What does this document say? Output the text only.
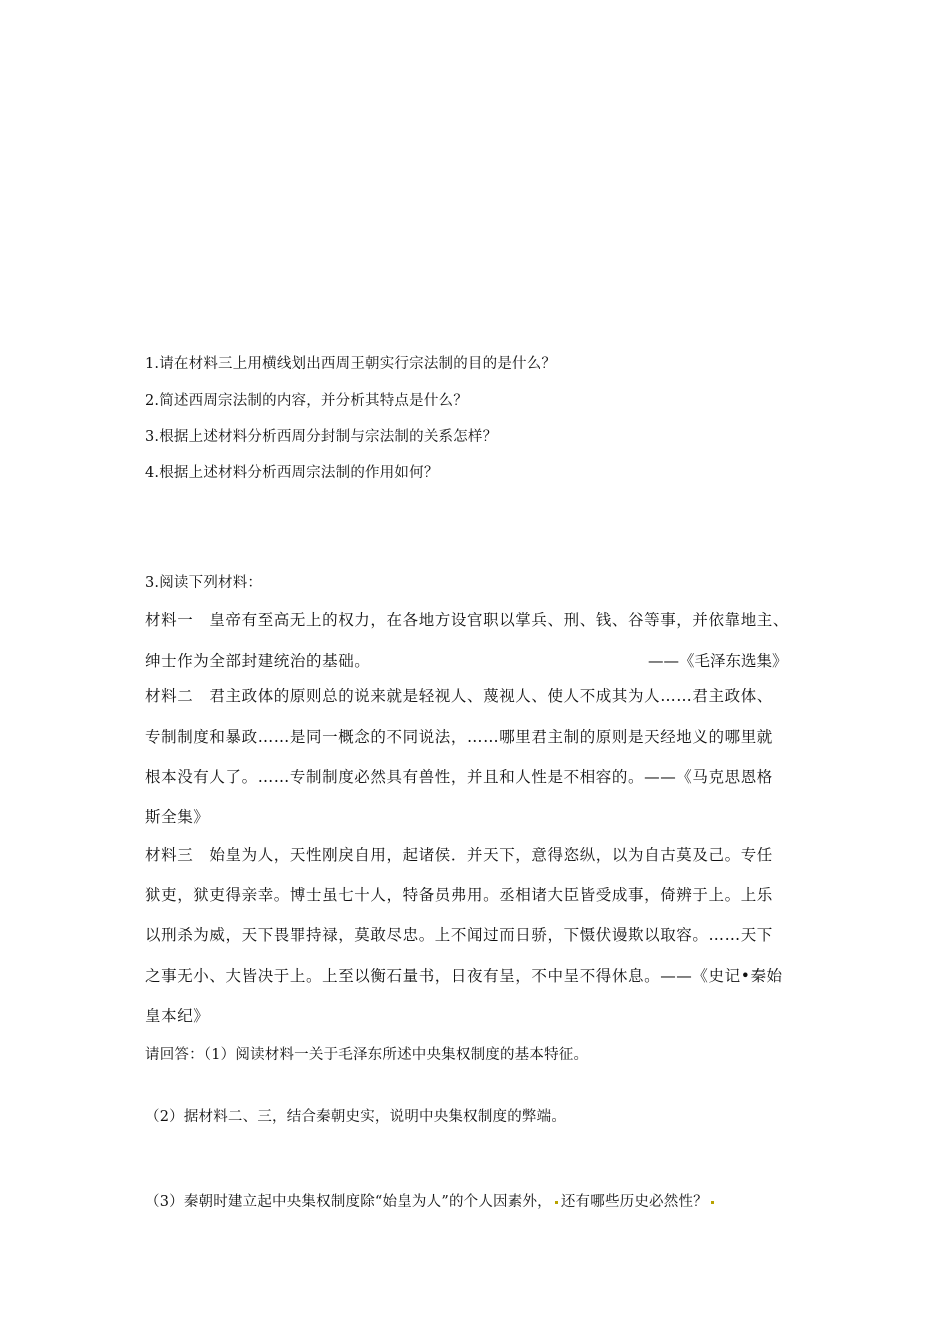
1.请在材料三上用横线划出西周王朝实行宗法制的目的是什么？

2.简述西周宗法制的内容，并分析其特点是什么？

3.根据上述材料分析西周分封制与宗法制的关系怎样？

4.根据上述材料分析西周宗法制的作用如何？

3.阅读下列材料：

材料一　皇帝有至高无上的权力，在各地方设官职以掌兵、刑、钱、谷等事，并依靠地主、

绅士作为全部封建统治的基础。	——《毛泽东选集》

材料二　君主政体的原则总的说来就是轻视人、蔑视人、使人不成其为人……君主政体、

专制制度和暴政……是同一概念的不同说法，……哪里君主制的原则是天经地义的哪里就

根本没有人了。……专制制度必然具有兽性，并且和人性是不相容的。——《马克思恩格

斯全集》

材料三　始皇为人，天性刚戾自用，起诸侯．并天下，意得恣纵，以为自古莫及己。专任

狱吏，狱吏得亲幸。博士虽七十人，特备员弗用。丞相诸大臣皆受成事，倚辨于上。上乐

以刑杀为威，天下畏罪持禄，莫敢尽忠。上不闻过而日骄，下慑伏谩欺以取容。……天下

之事无小、大皆决于上。上至以衡石量书，日夜有呈，不中呈不得休息。——《史记•秦始

皇本纪》

请回答：（1）阅读材料一关于毛泽东所述中央集权制度的基本特征。

（2）据材料二、三，结合秦朝史实，说明中央集权制度的弊端。

（3）秦朝时建立起中央集权制度除“始皇为人”的个人因素外， 还有哪些历史必然性？
